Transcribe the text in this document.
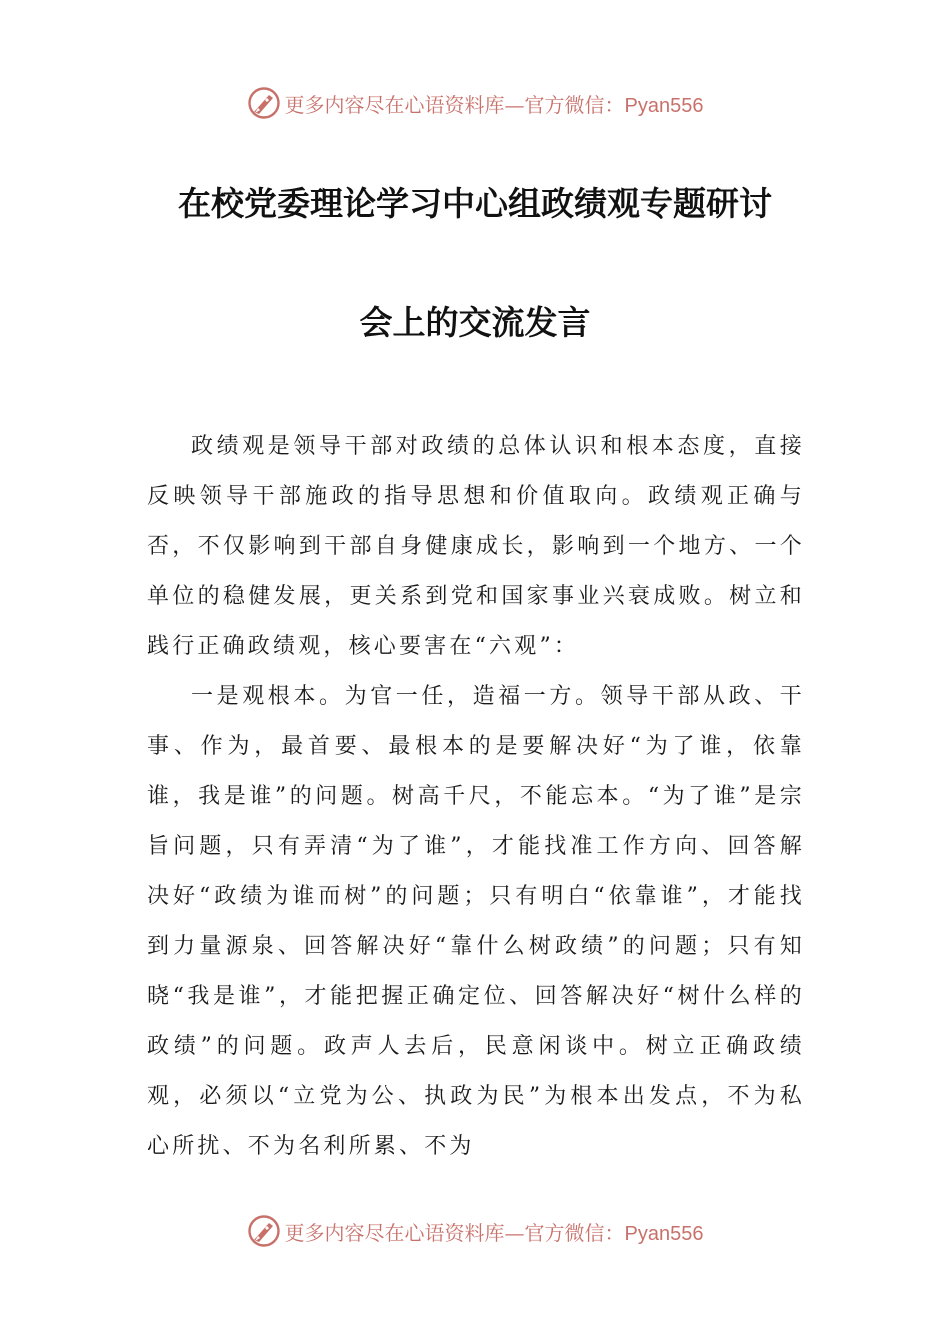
更多内容尽在心语资料库—官方微信：Pyan556
在校党委理论学习中心组政绩观专题研讨
会上的交流发言

政绩观是领导干部对政绩的总体认识和根本态度，直接反映领导干部施政的指导思想和价值取向。政绩观正确与否，不仅影响到干部自身健康成长，影响到一个地方、一个单位的稳健发展，更关系到党和国家事业兴衰成败。树立和践行正确政绩观，核心要害在“六观”：

一是观根本。为官一任，造福一方。领导干部从政、干事、作为，最首要、最根本的是要解决好“为了谁，依靠谁，我是谁”的问题。树高千尺，不能忘本。“为了谁”是宗旨问题，只有弄清“为了谁”，才能找准工作方向、回答解决好“政绩为谁而树”的问题；只有明白“依靠谁”，才能找到力量源泉、回答解决好“靠什么树政绩”的问题；只有知晓“我是谁”，才能把握正确定位、回答解决好“树什么样的政绩”的问题。政声人去后，民意闲谈中。树立正确政绩观，必须以“立党为公、执政为民”为根本出发点，不为私心所扰、不为名利所累、不为

更多内容尽在心语资料库—官方微信：Pyan556
